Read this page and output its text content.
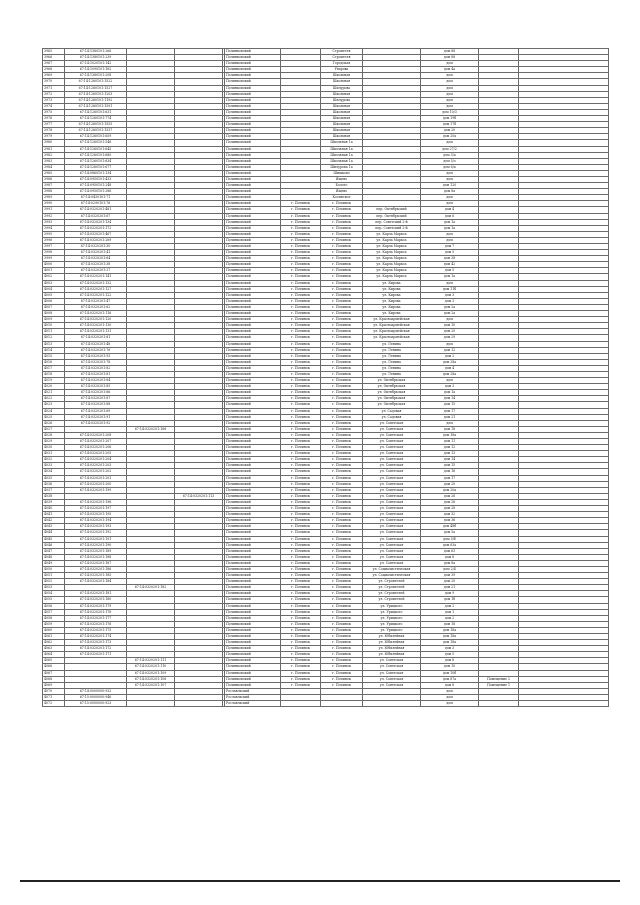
3965	67:14:1380101:266				Починковский		Строителя		дом 88		
3966	67:14:1380101:239				Починковский		Строителя		дом 88		
3967	67:14:1020101:142				Починковский		Городская		дом		
3968	67:14:1090101:182				Починковский		Уварова		дом 4а		
3969	67:14:1380101:208				Починковский		Школьная		дом		
3970	67:14:1260101:1522				Починковский		Школьная		дом		
3971	67:14:1260101:1527				Починковский		Шилурова		дом		
3972	67:14:1260101:1203				Починковский		Школьная		дом		
3973	67:14:1260101:1192				Починковский		Шилурова		дом		
3974	67:14:1260101:1591				Починковский		Школьная		дом		
3975	67:14:1260101:631				Починковский		Школьная		дом 10/3		
3976	67:14:1260101:774				Починковский		Школьная		дом 19б		
3977	67:14:1260101:1555				Починковский		Школьная		дом 17б		
3978	67:14:1260101:1537				Починковский		Школьная		дом 20		
3979	67:14:1260101:659				Починковский		Школьная		дом 20а		
3980	67:14:1260101:546				Починковский		Школьная 1а		дом		
3981	67:14:1260101:645				Починковский		Школьная 1а		дом 27/2		
3982	67:14:1260101:680				Починковский		Школьная 1а		дом 5/а		
3983	67:14:1260101:634				Починковский		Школьная 1а		дом 5/з		
3984	67:14:1260101:677				Починковский		Шилурова 1а		дом 6/а		
3985	67:14:0860101:134				Починковский		Шишково		дом		
3986	67:14:0950101:433				Починковский		Ящево		дом		
3987	67:14:0950101:248				Починковский		Болото		дом 120		
3988	67:14:0950101:286				Починковский		Ящево		дом 8а		
3989	67:14:0430101:71				Починковский		Косинское		дом		
3990	67:14:0290101:76				Починковский	г. Починок	г. Починок		дом		
3991	67:14:0320201:481				Починковский	г. Починок	г. Починок	пер. Октябрьский	дом 4		
3992	67:14:0320201:67				Починковский	г. Починок	г. Починок	пер. Октябрьский	дом 6		
3993	67:14:0320201:134				Починковский	г. Починок	г. Починок	пер. Советский 2-й	дом 1а		
3994	67:14:0320201:172				Починковский	г. Починок	г. Починок	пер. Советский 2-й	дом 1а		
3995	67:14:0320201:467				Починковский	г. Починок	г. Починок	ул. Карла Маркса	дом		
3996	67:14:0320201:269				Починковский	г. Починок	г. Починок	ул. Карла Маркса	дом		
3997	67:14:0320201:30				Починковский	г. Починок	г. Починок	ул. Карла Маркса	дом 7		
3998	67:14:0320201:41				Починковский	г. Починок	г. Починок	ул. Карла Маркса	дом 5		
3999	67:14:0320201:64				Починковский	г. Починок	г. Починок	ул. Карла Маркса	дом 38		
4000	67:14:0320201:38				Починковский	г. Починок	г. Починок	ул. Карла Маркса	дом 42		
4001	67:14:0320201:27				Починковский	г. Починок	г. Починок	ул. Карла Маркса	дом 5		
4002	67:14:0320201:141				Починковский	г. Починок	г. Починок	ул. Карла Маркса	дом 1а		
4003	67:14:0320201:132				Починковский	г. Починок	г. Починок	ул. Кирова	дом		
4004	67:14:0320201:127				Починковский	г. Починок	г. Починок	ул. Кирова	дом 11б		
4005	67:14:0320201:122				Починковский	г. Починок	г. Починок	ул. Кирова	дом 3		
4006	67:14:0320201:47				Починковский	г. Починок	г. Починок	ул. Кирова	дом 3		
4007	67:14:0320201:62				Починковский	г. Починок	г. Починок	ул. Кирова	дом 2а		
4008	67:14:0320201:116				Починковский	г. Починок	г. Починок	ул. Кирова	дом 2а		
4009	67:14:0320201:120				Починковский	г. Починок	г. Починок	ул. Красноармейская	дом		
4010	67:14:0320201:130				Починковский	г. Починок	г. Починок	ул. Красноармейская	дом 10		
4011	67:14:0320201:131				Починковский	г. Починок	г. Починок	ул. Красноармейская	дом 20		
4012	67:14:0320201:81				Починковский	г. Починок	г. Починок	ул. Красноармейская	дом 29		
4013	67:14:0320201:48				Починковский	г. Починок	г. Починок	ул. Ленина	дом		
4014	67:14:0320201:76				Починковский	г. Починок	г. Починок	ул. Ленина	дом 12		
4015	67:14:0320201:93				Починковский	г. Починок	г. Починок	ул. Ленина	дом 2		
4016	67:14:0320201:78				Починковский	г. Починок	г. Починок	ул. Ленина	дом 28а		
4017	67:14:0320201:82				Починковский	г. Починок	г. Починок	ул. Ленина	дом 4		
4018	67:14:0320201:81				Починковский	г. Починок	г. Починок	ул. Ленина	дом 28а		
4019	67:14:0320201:84				Починковский	г. Починок	г. Починок	ул. Октябрьская	дом		
4020	67:14:0320201:85				Починковский	г. Починок	г. Починок	ул. Октябрьская	дом 3		
4021	67:14:0320201:86				Починковский	г. Починок	г. Починок	ул. Октябрьская	дом 1а		
4022	67:14:0320201:87				Починковский	г. Починок	г. Починок	ул. Октябрьская	дом 14		
4023	67:14:0320201:88				Починковский	г. Починок	г. Починок	ул. Октябрьская	дом 15		
4024	67:14:0320201:89				Починковский	г. Починок	г. Починок	ул. Садовая	дом 17		
4025	67:14:0320201:91				Починковский	г. Починок	г. Починок	ул. Садовая	дом 21		
4026	67:14:0320201:92				Починковский	г. Починок	г. Починок	ул. Советская	дом		
4027		67:14:0320201:168			Починковский	г. Починок	г. Починок	ул. Советская	дом 18		
4028	67:14:0320201:208				Починковский	г. Починок	г. Починок	ул. Советская	дом 18а		
4029	67:14:0320201:207				Починковский	г. Починок	г. Починок	ул. Советская	дом 11		
4030	67:14:0320201:206				Починковский	г. Починок	г. Починок	ул. Советская	дом 12		
4031	67:14:0320201:205				Починковский	г. Починок	г. Починок	ул. Советская	дом 13		
4032	67:14:0320201:204				Починковский	г. Починок	г. Починок	ул. Советская	дом 14		
4033	67:14:0320201:203				Починковский	г. Починок	г. Починок	ул. Советская	дом 15		
4034	67:14:0320201:202				Починковский	г. Починок	г. Починок	ул. Советская	дом 16		
4035	67:14:0320201:201				Починковский	г. Починок	г. Починок	ул. Советская	дом 17		
4036	67:14:0320201:200				Починковский	г. Починок	г. Починок	ул. Советская	дом 20		
4037	67:14:0320201:199				Починковский	г. Починок	г. Починок	ул. Советская	дом 20а		
4038			67:14:0320201:113		Починковский	г. Починок	г. Починок	ул. Советская	дом 26		
4039	67:14:0320201:196				Починковский	г. Починок	г. Починок	ул. Советская	дом 26		
4040	67:14:0320201:197				Починковский	г. Починок	г. Починок	ул. Советская	дом 28		
4041	67:14:0320201:195				Починковский	г. Починок	г. Починок	ул. Советская	дом 32		
4042	67:14:0320201:194				Починковский	г. Починок	г. Починок	ул. Советская	дом 36		
4043	67:14:0320201:193				Починковский	г. Починок	г. Починок	ул. Советская	дом 48б		
4044	67:14:0320201:192				Починковский	г. Починок	г. Починок	ул. Советская	дом 5а		
4045	67:14:0320201:191				Починковский	г. Починок	г. Починок	ул. Советская	дом 5/б		
4046	67:14:0320201:190				Починковский	г. Починок	г. Починок	ул. Советская	дом 63а		
4047	67:14:0320201:189				Починковский	г. Починок	г. Починок	ул. Советская	дом 63		
4048	67:14:0320201:188				Починковский	г. Починок	г. Починок	ул. Советская	дом 8		
4049	67:14:0320201:187				Починковский	г. Починок	г. Починок	ул. Советская	дом 8а		
4050	67:14:0320201:186				Починковский	г. Починок	г. Починок	ул. Социалистическая	дом 2/4		
4051	67:14:0320201:185				Починковский	г. Починок	г. Починок	ул. Социалистическая	дом 39		
4052	67:14:0320201:184				Починковский	г. Починок	г. Починок	ул. Строителей	дом 20		
4053		67:14:0320201:182			Починковский	г. Починок	г. Починок	ул. Строителей	дом 21		
4054	67:14:0320201:181				Починковский	г. Починок	г. Починок	ул. Строителей	дом 9		
4055	67:14:0320201:180				Починковский	г. Починок	г. Починок	ул. Строителей	дом 1б		
4056	67:14:0320201:179				Починковский	г. Починок	г. Починок	ул. Урицкого	дом 2		
4057	67:14:0320201:178				Починковский	г. Починок	г. Починок	ул. Урицкого	дом 1		
4058	67:14:0320201:177				Починковский	г. Починок	г. Починок	ул. Урицкого	дом 2		
4059	67:14:0320201:176				Починковский	г. Починок	г. Починок	ул. Урицкого	дом 18		
4060	67:14:0320201:175				Починковский	г. Починок	г. Починок	ул. Урицкого	дом 18а		
4061	67:14:0320201:174				Починковский	г. Починок	г. Починок	ул. Юбилейная	дом 18а		
4062	67:14:0320201:173				Починковский	г. Починок	г. Починок	ул. Юбилейная	дом 18а		
4063	67:14:0320201:172				Починковский	г. Починок	г. Починок	ул. Юбилейная	дом 3		
4064	67:14:0320201:171				Починковский	г. Починок	г. Починок	ул. Юбилейная	дом 5		
4065		67:14:0320201:111			Починковский	г. Починок	г. Починок	ул. Советская	дом 8		
4066		67:14:0320201:110			Починковский	г. Починок	г. Починок	ул. Советская	дом 10		
4067		67:14:0320201:109			Починковский	г. Починок	г. Починок	ул. Советская	дом 10б		
4068		67:14:0320201:108			Починковский	г. Починок	г. Починок	ул. Советская	дом 67а	Помещение 2	
4069		67:14:0320201:107			Починковский	г. Починок	г. Починок	ул. Советская	дом 8	Помещение 1	
4070	67:14:0000000:932				Рославльский				дом		
4071	67:15:0000000:946				Рославльский				дом		
4072	67:15:0000000:923				Рославльский				дом		
